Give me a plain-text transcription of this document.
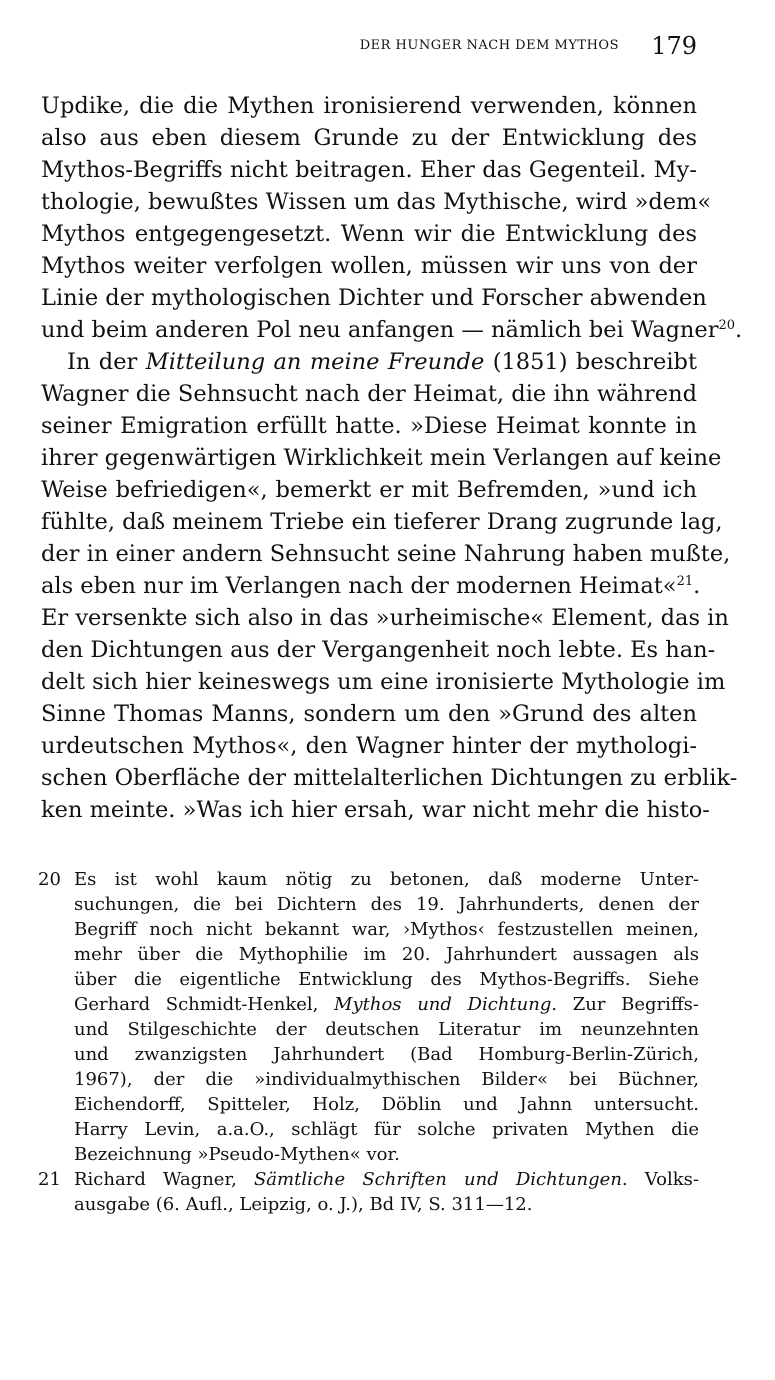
DER HUNGER NACH DEM MYTHOS 179
Updike, die die Mythen ironisierend verwenden, können
also aus eben diesem Grunde zu der Entwicklung des
Mythos-Begriffs nicht beitragen. Eher das Gegenteil. My-
thologie, bewußtes Wissen um das Mythische, wird »dem«
Mythos entgegengesetzt. Wenn wir die Entwicklung des
Mythos weiter verfolgen wollen, müssen wir uns von der
Linie der mythologischen Dichter und Forscher abwenden
und beim anderen Pol neu anfangen — nämlich bei Wagner$^{20}$.
In der Mitteilung an meine Freunde (1851) beschreibt
Wagner die Sehnsucht nach der Heimat, die ihn während
seiner Emigration erfüllt hatte. »Diese Heimat konnte in
ihrer gegenwärtigen Wirklichkeit mein Verlangen auf keine
Weise befriedigen«, bemerkt er mit Befremden, »und ich
fühlte, daß meinem Triebe ein tieferer Drang zugrunde lag,
der in einer andern Sehnsucht seine Nahrung haben mußte,
als eben nur im Verlangen nach der modernen Heimat«$^{21}$.
Er versenkte sich also in das »urheimische« Element, das in
den Dichtungen aus der Vergangenheit noch lebte. Es han-
delt sich hier keineswegs um eine ironisierte Mythologie im
Sinne Thomas Manns, sondern um den »Grund des alten
urdeutschen Mythos«, den Wagner hinter der mythologi-
schen Oberfläche der mittelalterlichen Dichtungen zu erblik-
ken meinte. »Was ich hier ersah, war nicht mehr die histo-
20 Es ist wohl kaum nötig zu betonen, daß moderne Unter-
suchungen, die bei Dichtern des 19. Jahrhunderts, denen der
Begriff noch nicht bekannt war, ›Mythos‹ festzustellen meinen,
mehr über die Mythophilie im 20. Jahrhundert aussagen als
über die eigentliche Entwicklung des Mythos-Begriffs. Siehe
Gerhard Schmidt-Henkel, Mythos und Dichtung. Zur Begriffs-
und Stilgeschichte der deutschen Literatur im neunzehnten
und zwanzigsten Jahrhundert (Bad Homburg-Berlin-Zürich,
1967), der die »individualmythischen Bilder« bei Büchner,
Eichendorff, Spitteler, Holz, Döblin und Jahnn untersucht.
Harry Levin, a.a.O., schlägt für solche privaten Mythen die
Bezeichnung »Pseudo-Mythen« vor.
21 Richard Wagner, Sämtliche Schriften und Dichtungen. Volks-
ausgabe (6. Aufl., Leipzig, o. J.), Bd IV, S. 311—12.
